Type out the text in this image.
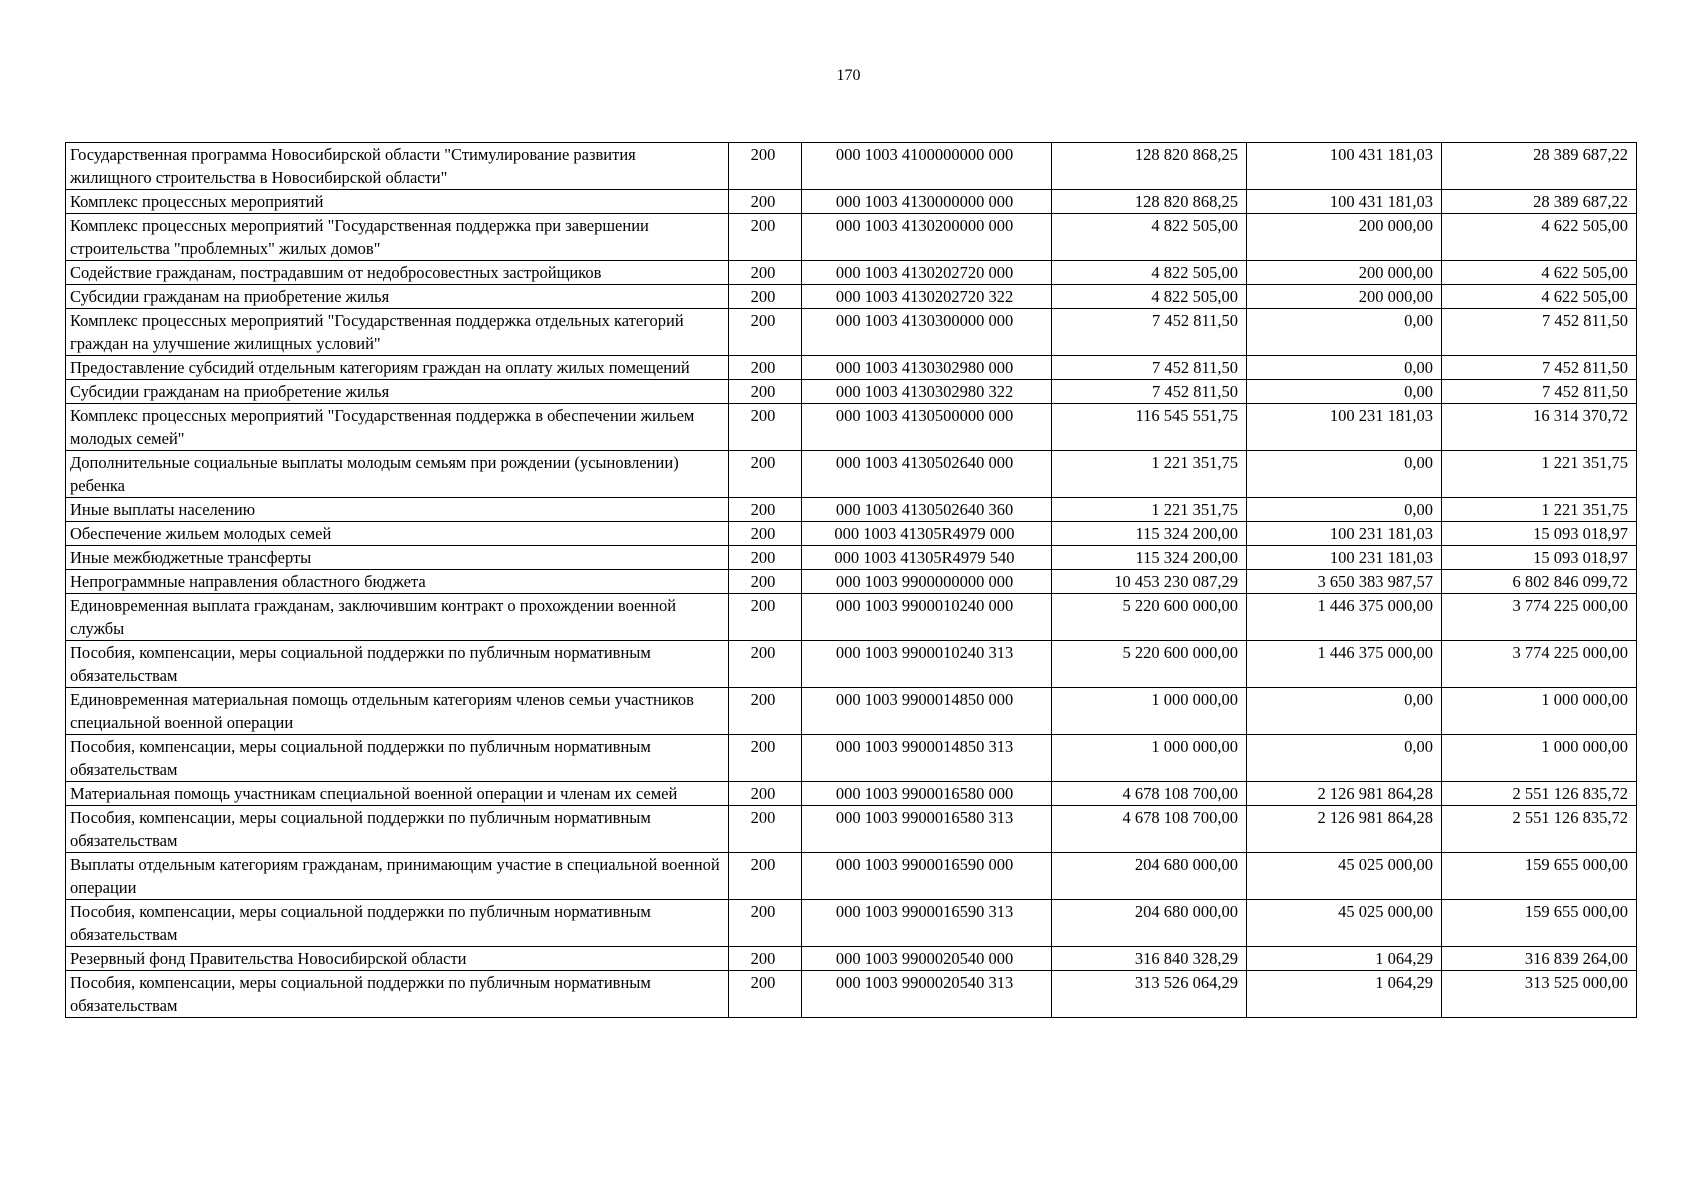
170
Государственная программа Новосибирской области "Стимулирование развития жилищного строительства в Новосибирской области"	200	000 1003 4100000000 000	128 820 868,25	100 431 181,03	28 389 687,22
Комплекс процессных мероприятий	200	000 1003 4130000000 000	128 820 868,25	100 431 181,03	28 389 687,22
Комплекс процессных мероприятий "Государственная поддержка при завершении строительства "проблемных" жилых домов"	200	000 1003 4130200000 000	4 822 505,00	200 000,00	4 622 505,00
Содействие гражданам, пострадавшим от недобросовестных застройщиков	200	000 1003 4130202720 000	4 822 505,00	200 000,00	4 622 505,00
Субсидии гражданам на приобретение жилья	200	000 1003 4130202720 322	4 822 505,00	200 000,00	4 622 505,00
Комплекс процессных мероприятий "Государственная поддержка отдельных категорий граждан на улучшение жилищных условий"	200	000 1003 4130300000 000	7 452 811,50	0,00	7 452 811,50
Предоставление субсидий отдельным категориям граждан на оплату жилых помещений	200	000 1003 4130302980 000	7 452 811,50	0,00	7 452 811,50
Субсидии гражданам на приобретение жилья	200	000 1003 4130302980 322	7 452 811,50	0,00	7 452 811,50
Комплекс процессных мероприятий "Государственная поддержка в обеспечении жильем молодых семей"	200	000 1003 4130500000 000	116 545 551,75	100 231 181,03	16 314 370,72
Дополнительные социальные выплаты молодым семьям при рождении (усыновлении) ребенка	200	000 1003 4130502640 000	1 221 351,75	0,00	1 221 351,75
Иные выплаты населению	200	000 1003 4130502640 360	1 221 351,75	0,00	1 221 351,75
Обеспечение жильем молодых семей	200	000 1003 41305R4979 000	115 324 200,00	100 231 181,03	15 093 018,97
Иные межбюджетные трансферты	200	000 1003 41305R4979 540	115 324 200,00	100 231 181,03	15 093 018,97
Непрограммные направления областного бюджета	200	000 1003 9900000000 000	10 453 230 087,29	3 650 383 987,57	6 802 846 099,72
Единовременная выплата гражданам, заключившим контракт о прохождении военной службы	200	000 1003 9900010240 000	5 220 600 000,00	1 446 375 000,00	3 774 225 000,00
Пособия, компенсации, меры социальной поддержки по публичным нормативным обязательствам	200	000 1003 9900010240 313	5 220 600 000,00	1 446 375 000,00	3 774 225 000,00
Единовременная материальная помощь отдельным категориям членов семьи участников специальной военной операции	200	000 1003 9900014850 000	1 000 000,00	0,00	1 000 000,00
Пособия, компенсации, меры социальной поддержки по публичным нормативным обязательствам	200	000 1003 9900014850 313	1 000 000,00	0,00	1 000 000,00
Материальная помощь участникам специальной военной операции и членам их семей	200	000 1003 9900016580 000	4 678 108 700,00	2 126 981 864,28	2 551 126 835,72
Пособия, компенсации, меры социальной поддержки по публичным нормативным обязательствам	200	000 1003 9900016580 313	4 678 108 700,00	2 126 981 864,28	2 551 126 835,72
Выплаты отдельным категориям гражданам, принимающим участие в специальной военной операции	200	000 1003 9900016590 000	204 680 000,00	45 025 000,00	159 655 000,00
Пособия, компенсации, меры социальной поддержки по публичным нормативным обязательствам	200	000 1003 9900016590 313	204 680 000,00	45 025 000,00	159 655 000,00
Резервный фонд Правительства Новосибирской области	200	000 1003 9900020540 000	316 840 328,29	1 064,29	316 839 264,00
Пособия, компенсации, меры социальной поддержки по публичным нормативным обязательствам	200	000 1003 9900020540 313	313 526 064,29	1 064,29	313 525 000,00
